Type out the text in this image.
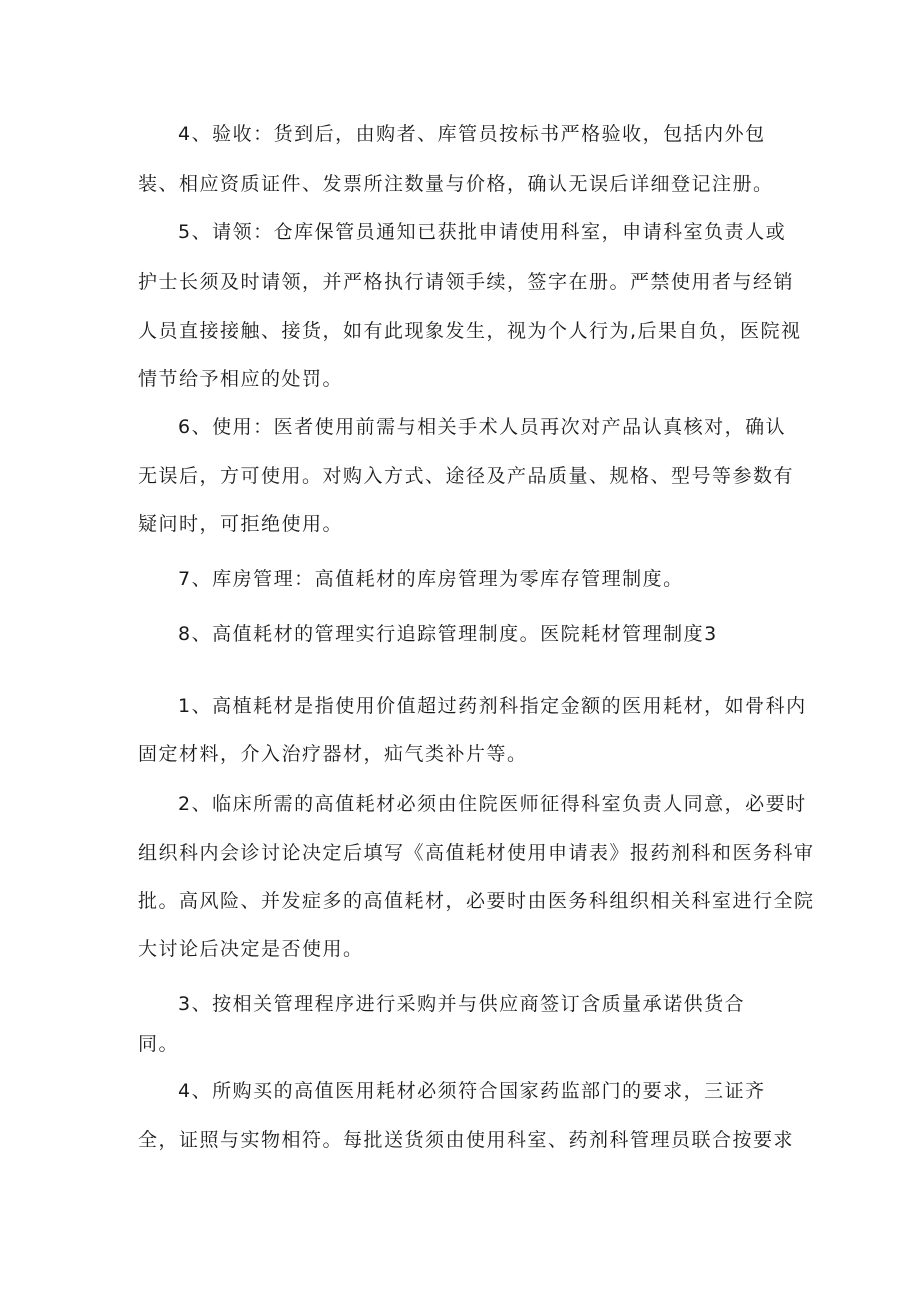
4、验收：货到后，由购者、库管员按标书严格验收，包括内外包
装、相应资质证件、发票所注数量与价格，确认无误后详细登记注册。
5、请领：仓库保管员通知已获批申请使用科室，申请科室负责人或
护士长须及时请领，并严格执行请领手续，签字在册。严禁使用者与经销
人员直接接触、接货，如有此现象发生，视为个人行为,后果自负，医院视
情节给予相应的处罚。
6、使用：医者使用前需与相关手术人员再次对产品认真核对，确认
无误后，方可使用。对购入方式、途径及产品质量、规格、型号等参数有
疑问时，可拒绝使用。
7、库房管理：高值耗材的库房管理为零库存管理制度。
8、高值耗材的管理实行追踪管理制度。医院耗材管理制度3
1、高植耗材是指使用价值超过药剂科指定金额的医用耗材，如骨科内
固定材料，介入治疗器材，疝气类补片等。
2、临床所需的高值耗材必须由住院医师征得科室负责人同意，必要时
组织科内会诊讨论决定后填写《高值耗材使用申请表》报药剂科和医务科审
批。高风险、并发症多的高值耗材，必要时由医务科组织相关科室进行全院
大讨论后决定是否使用。
3、按相关管理程序进行采购并与供应商签订含质量承诺供货合
同。
4、所购买的高值医用耗材必须符合国家药监部门的要求，三证齐
全，证照与实物相符。每批送货须由使用科室、药剂科管理员联合按要求
